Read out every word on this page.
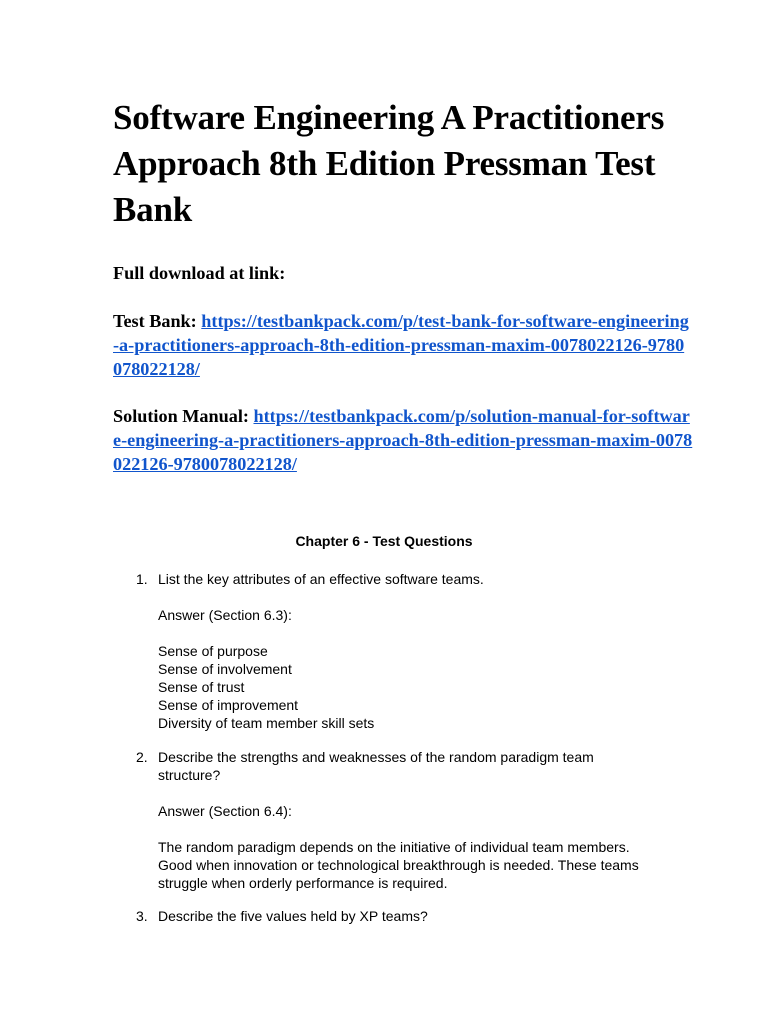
Software Engineering A Practitioners Approach 8th Edition Pressman Test Bank

Full download at link:

Test Bank: https://testbankpack.com/p/test-bank-for-software-engineering-a-practitioners-approach-8th-edition-pressman-maxim-0078022126-9780078022128/

Solution Manual: https://testbankpack.com/p/solution-manual-for-software-engineering-a-practitioners-approach-8th-edition-pressman-maxim-0078022126-9780078022128/

Chapter 6 - Test Questions

1. List the key attributes of an effective software teams.

Answer (Section 6.3):

Sense of purpose

Sense of involvement

Sense of trust

Sense of improvement

Diversity of team member skill sets

2. Describe the strengths and weaknesses of the random paradigm team structure?

Answer (Section 6.4):

The random paradigm depends on the initiative of individual team members. Good when innovation or technological breakthrough is needed. These teams struggle when orderly performance is required.

3. Describe the five values held by XP teams?
